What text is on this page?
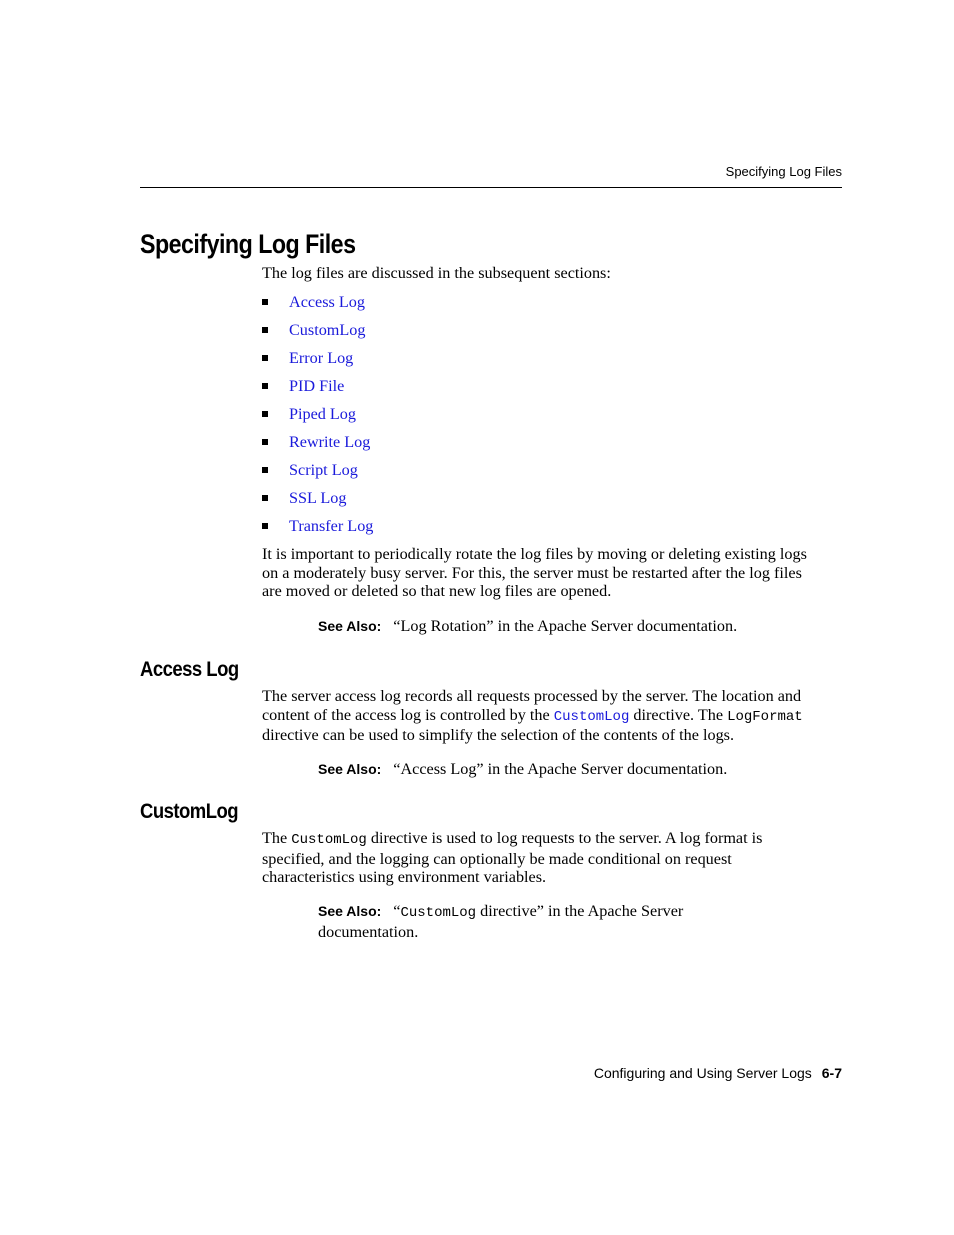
Specifying Log Files
Specifying Log Files
The log files are discussed in the subsequent sections:
Access Log
CustomLog
Error Log
PID File
Piped Log
Rewrite Log
Script Log
SSL Log
Transfer Log
It is important to periodically rotate the log files by moving or deleting existing logs
on a moderately busy server. For this, the server must be restarted after the log files
are moved or deleted so that new log files are opened.
See Also: “Log Rotation” in the Apache Server documentation.
Access Log
The server access log records all requests processed by the server. The location and
content of the access log is controlled by the CustomLog directive. The LogFormat
directive can be used to simplify the selection of the contents of the logs.
See Also: “Access Log” in the Apache Server documentation.
CustomLog
The CustomLog directive is used to log requests to the server. A log format is
specified, and the logging can optionally be made conditional on request
characteristics using environment variables.
See Also: “CustomLog directive” in the Apache Server
documentation.
Configuring and Using Server Logs 6-7
